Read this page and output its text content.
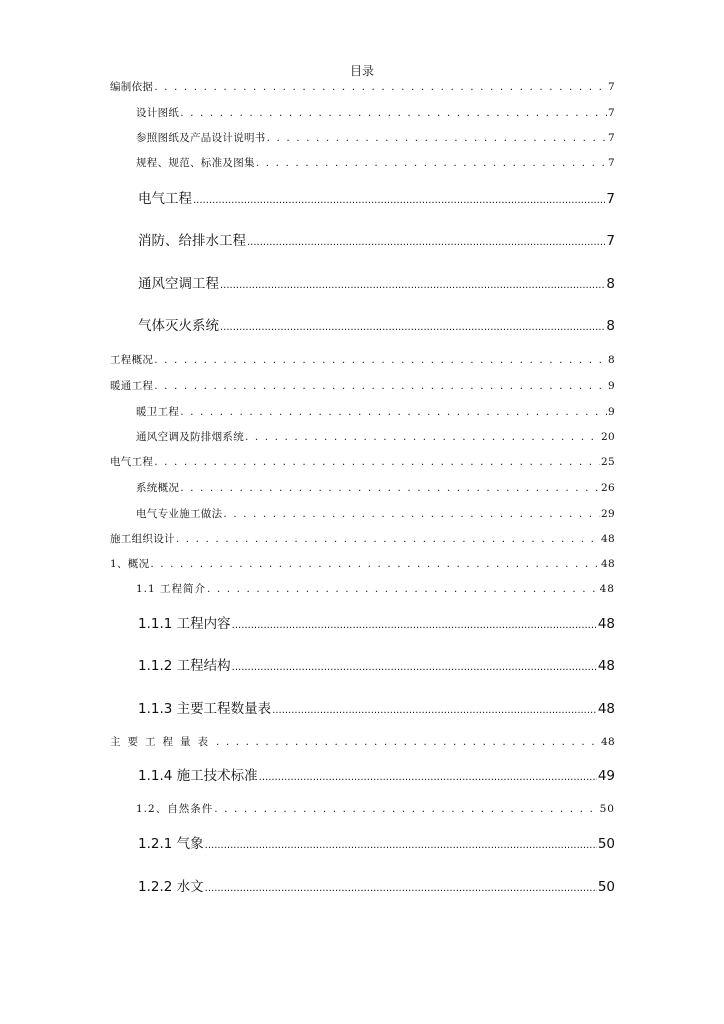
目录
编制依据 . . .	7
设计图纸 . . .	7
参照图纸及产品设计说明书 . . .	7
规程、规范、标准及图集 . . .	7
电气工程 .....	7
消防、给排水工程 .....	7
通风空调工程 .....	8
气体灭火系统 .....	8
工程概况 . . .	8
暖通工程 . . .	9
暖卫工程 . . .	9
通风空调及防排烟系统 . . .	20
电气工程 . . .	25
系统概况 . . .	26
电气专业施工做法 . . .	29
施工组织设计 . . .	48
1、概况 . . .	48
1.1 工程简介 . . .	48
1.1.1 工程内容 .....	48
1.1.2 工程结构 .....	48
1.1.3 主要工程数量表 .....	48
主要工程量表 . . .	48
1.1.4 施工技术标准 .....	49
1.2、自然条件 . . .	50
1.2.1 气象 .....	50
1.2.2 水文 .....	50
